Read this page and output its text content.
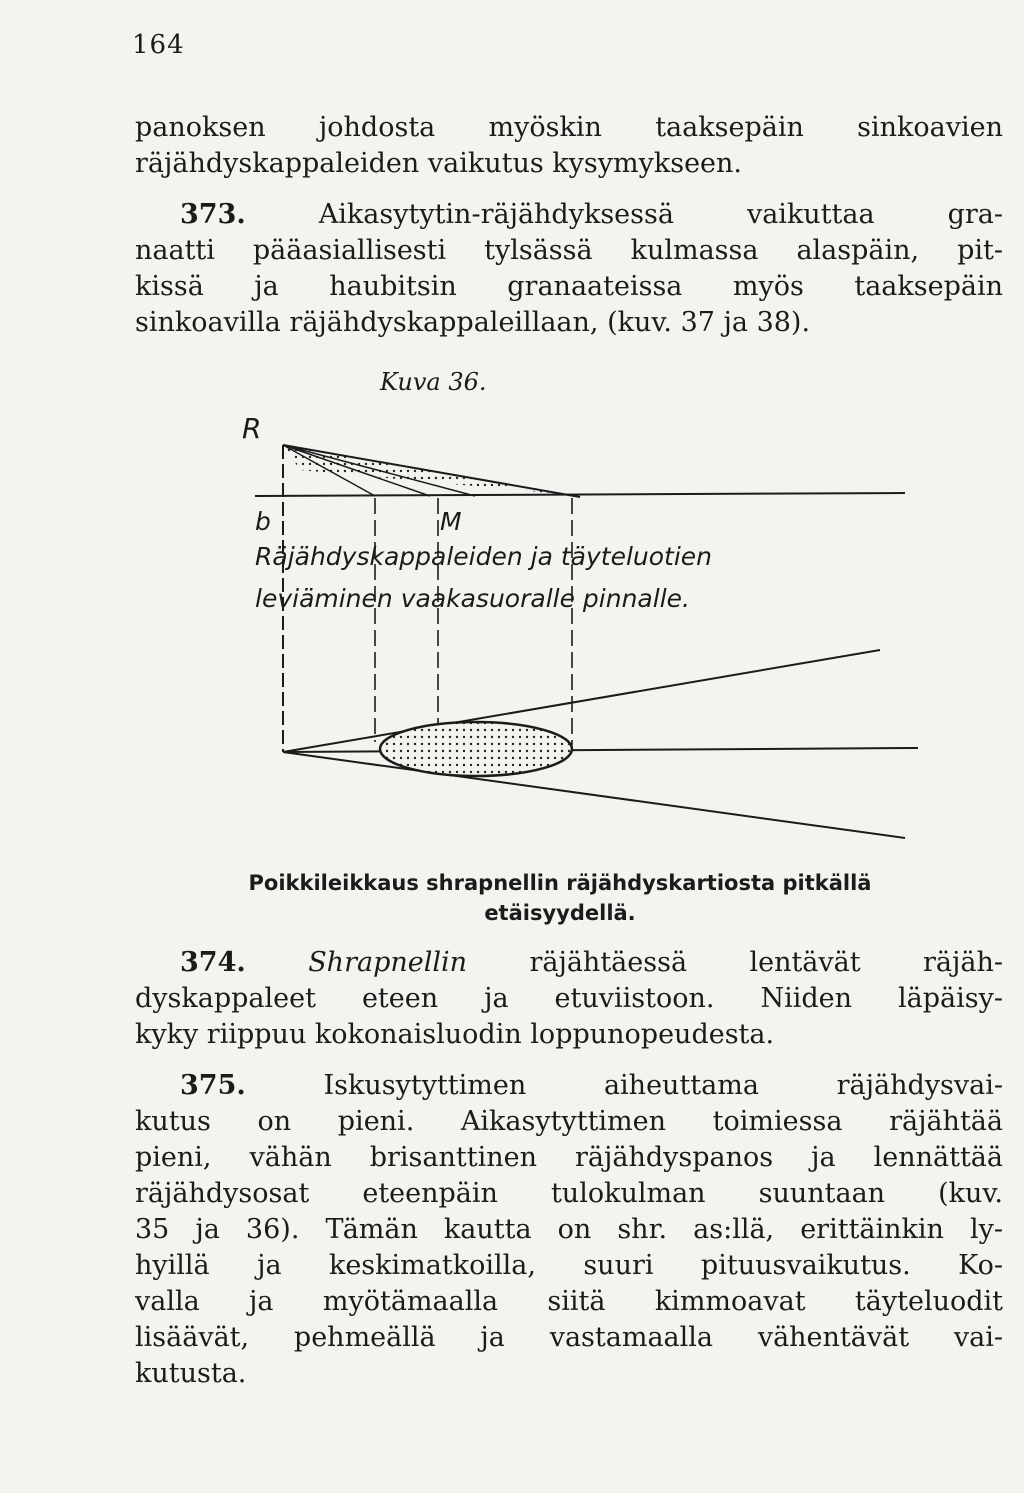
164
panoksen johdosta myöskin taaksepäin sinkoavien
räjähdyskappaleiden vaikutus kysymykseen.
373.	Aikasytytin-räjähdyksessä vaikuttaa gra-
naatti pääasiallisesti tylsässä kulmassa alaspäin, pit-
kissä ja haubitsin granaateissa myös taaksepäin
sinkoavilla räjähdyskappaleillaan, (kuv. 37 ja 38).
Kuva 36.
R
b	M
Räjähdyskappaleiden ja täyteluotien
leviäminen vaakasuoralle pinnalle.
Poikkileikkaus shrapnellin räjähdyskartiosta pitkällä
etäisyydellä.
374. Shrapnellin räjähtäessä lentävät räjäh-
dyskappaleet eteen ja etuviistoon. Niiden läpäisy-
kyky riippuu kokonaisluodin loppunopeudesta.
375.	Iskusytyttimen aiheuttama räjähdysvai-
kutus on pieni. Aikasytyttimen toimiessa räjähtää
pieni, vähän brisanttinen räjähdyspanos ja lennättää
räjähdysosat eteenpäin tulokulman suuntaan (kuv.
35 ja 36). Tämän kautta on shr. as:llä, erittäinkin ly-
hyillä ja keskimatkoilla, suuri pituusvaikutus. Ko-
valla ja myötämaalla siitä kimmoavat täyteluodit
lisäävät, pehmeällä ja vastamaalla vähentävät vai-
kutusta.
